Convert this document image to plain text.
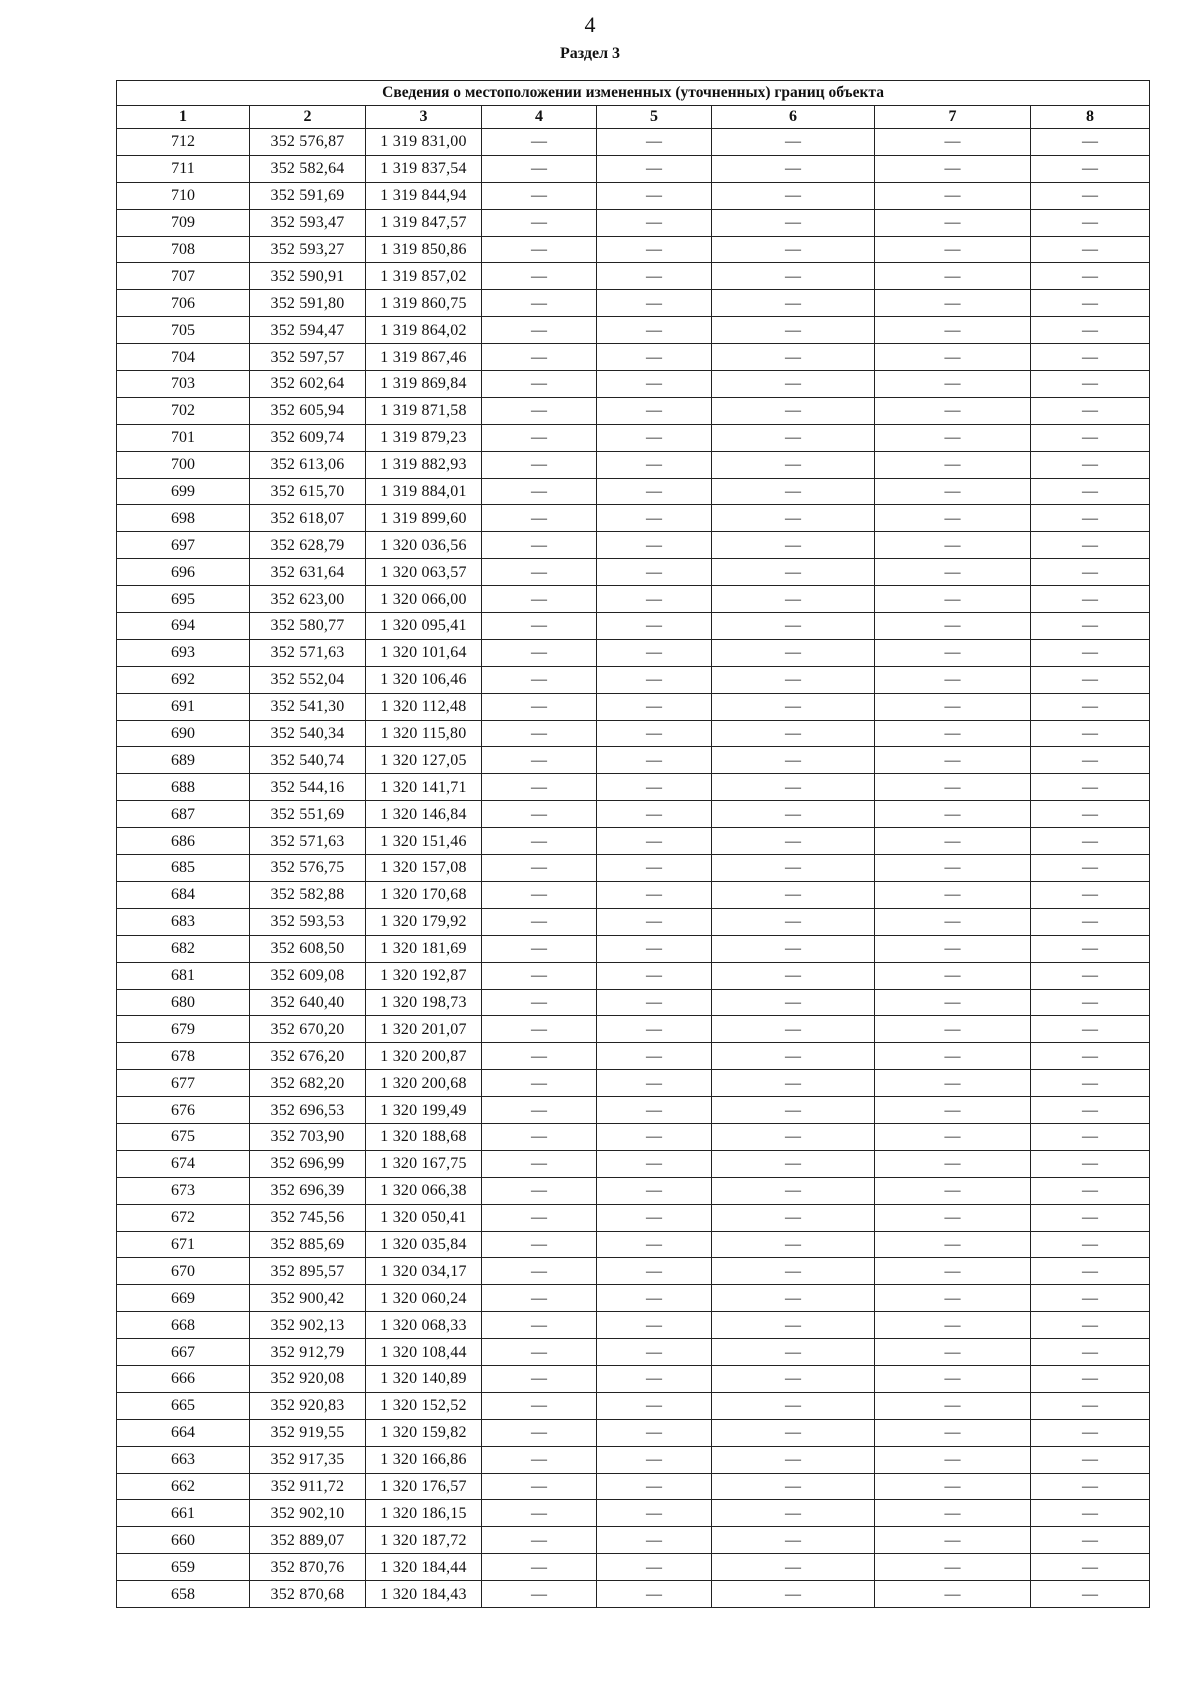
4
Раздел 3
Сведения о местоположении измененных (уточненных) границ объекта							
1	2	3	4	5	6	7	8
712	352 576,87	1 319 831,00	—	—	—	—	—
711	352 582,64	1 319 837,54	—	—	—	—	—
710	352 591,69	1 319 844,94	—	—	—	—	—
709	352 593,47	1 319 847,57	—	—	—	—	—
708	352 593,27	1 319 850,86	—	—	—	—	—
707	352 590,91	1 319 857,02	—	—	—	—	—
706	352 591,80	1 319 860,75	—	—	—	—	—
705	352 594,47	1 319 864,02	—	—	—	—	—
704	352 597,57	1 319 867,46	—	—	—	—	—
703	352 602,64	1 319 869,84	—	—	—	—	—
702	352 605,94	1 319 871,58	—	—	—	—	—
701	352 609,74	1 319 879,23	—	—	—	—	—
700	352 613,06	1 319 882,93	—	—	—	—	—
699	352 615,70	1 319 884,01	—	—	—	—	—
698	352 618,07	1 319 899,60	—	—	—	—	—
697	352 628,79	1 320 036,56	—	—	—	—	—
696	352 631,64	1 320 063,57	—	—	—	—	—
695	352 623,00	1 320 066,00	—	—	—	—	—
694	352 580,77	1 320 095,41	—	—	—	—	—
693	352 571,63	1 320 101,64	—	—	—	—	—
692	352 552,04	1 320 106,46	—	—	—	—	—
691	352 541,30	1 320 112,48	—	—	—	—	—
690	352 540,34	1 320 115,80	—	—	—	—	—
689	352 540,74	1 320 127,05	—	—	—	—	—
688	352 544,16	1 320 141,71	—	—	—	—	—
687	352 551,69	1 320 146,84	—	—	—	—	—
686	352 571,63	1 320 151,46	—	—	—	—	—
685	352 576,75	1 320 157,08	—	—	—	—	—
684	352 582,88	1 320 170,68	—	—	—	—	—
683	352 593,53	1 320 179,92	—	—	—	—	—
682	352 608,50	1 320 181,69	—	—	—	—	—
681	352 609,08	1 320 192,87	—	—	—	—	—
680	352 640,40	1 320 198,73	—	—	—	—	—
679	352 670,20	1 320 201,07	—	—	—	—	—
678	352 676,20	1 320 200,87	—	—	—	—	—
677	352 682,20	1 320 200,68	—	—	—	—	—
676	352 696,53	1 320 199,49	—	—	—	—	—
675	352 703,90	1 320 188,68	—	—	—	—	—
674	352 696,99	1 320 167,75	—	—	—	—	—
673	352 696,39	1 320 066,38	—	—	—	—	—
672	352 745,56	1 320 050,41	—	—	—	—	—
671	352 885,69	1 320 035,84	—	—	—	—	—
670	352 895,57	1 320 034,17	—	—	—	—	—
669	352 900,42	1 320 060,24	—	—	—	—	—
668	352 902,13	1 320 068,33	—	—	—	—	—
667	352 912,79	1 320 108,44	—	—	—	—	—
666	352 920,08	1 320 140,89	—	—	—	—	—
665	352 920,83	1 320 152,52	—	—	—	—	—
664	352 919,55	1 320 159,82	—	—	—	—	—
663	352 917,35	1 320 166,86	—	—	—	—	—
662	352 911,72	1 320 176,57	—	—	—	—	—
661	352 902,10	1 320 186,15	—	—	—	—	—
660	352 889,07	1 320 187,72	—	—	—	—	—
659	352 870,76	1 320 184,44	—	—	—	—	—
658	352 870,68	1 320 184,43	—	—	—	—	—
